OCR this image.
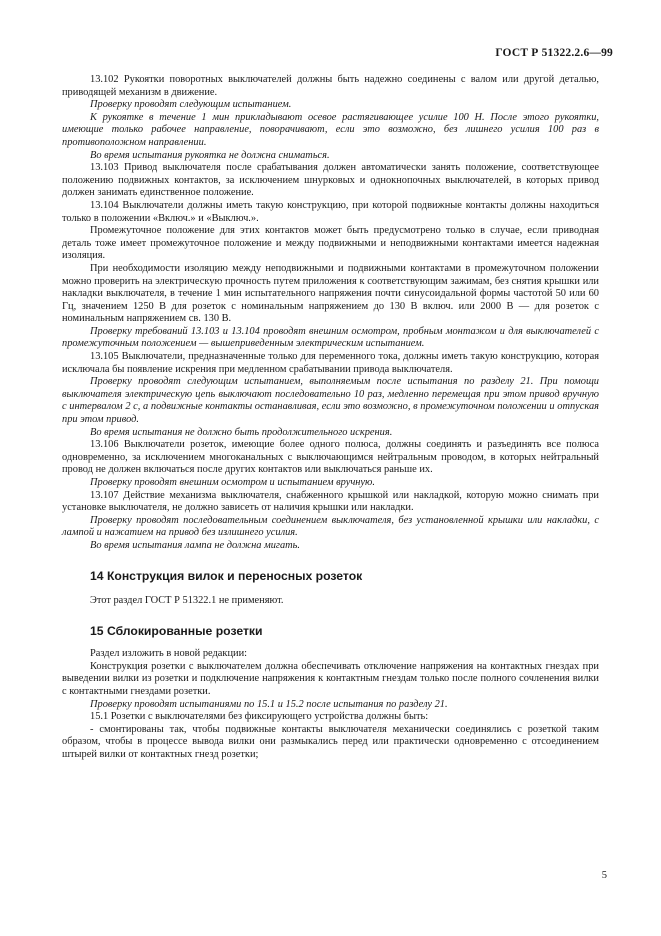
ГОСТ Р 51322.2.6—99

13.102 Рукоятки поворотных выключателей должны быть надежно соединены с валом или другой деталью, приводящей механизм в движение.

Проверку проводят следующим испытанием.

К рукоятке в течение 1 мин прикладывают осевое растягивающее усилие 100 Н. После этого рукоятки, имеющие только рабочее направление, поворачивают, если это возможно, без лишнего усилия 100 раз в противоположном направлении.

Во время испытания рукоятка не должна сниматься.

13.103 Привод выключателя после срабатывания должен автоматически занять положение, соответствующее положению подвижных контактов, за исключением шнурковых и однокнопочных выключателей, в которых привод должен занимать единственное положение.

13.104 Выключатели должны иметь такую конструкцию, при которой подвижные контакты должны находиться только в положении «Включ.» и «Выключ.».

Промежуточное положение для этих контактов может быть предусмотрено только в случае, если приводная деталь тоже имеет промежуточное положение и между подвижными и неподвижными контактами имеется надежная изоляция.

При необходимости изоляцию между неподвижными и подвижными контактами в промежуточном положении можно проверить на электрическую прочность путем приложения к соответствующим зажимам, без снятия крышки или накладки выключателя, в течение 1 мин испытательного напряжения почти синусоидальной формы частотой 50 или 60 Гц, значением 1250 В для розеток с номинальным напряжением до 130 В включ. или 2000 В — для розеток с номинальным напряжением св. 130 В.

Проверку требований 13.103 и 13.104 проводят внешним осмотром, пробным монтажом и для выключателей с промежуточным положением — вышеприведенным электрическим испытанием.

13.105 Выключатели, предназначенные только для переменного тока, должны иметь такую конструкцию, которая исключала бы появление искрения при медленном срабатывании привода выключателя.

Проверку проводят следующим испытанием, выполняемым после испытания по разделу 21. При помощи выключателя электрическую цепь выключают последовательно 10 раз, медленно перемещая при этом привод вручную с интервалом 2 с, а подвижные контакты останавливая, если это возможно, в промежуточном положении и отпуская при этом привод.

Во время испытания не должно быть продолжительного искрения.

13.106 Выключатели розеток, имеющие более одного полюса, должны соединять и разъединять все полюса одновременно, за исключением многоканальных с выключающимся нейтральным проводом, в которых нейтральный провод не должен включаться после других контактов или выключаться раньше их.

Проверку проводят внешним осмотром и испытанием вручную.

13.107 Действие механизма выключателя, снабженного крышкой или накладкой, которую можно снимать при установке выключателя, не должно зависеть от наличия крышки или накладки.

Проверку проводят последовательным соединением выключателя, без установленной крышки или накладки, с лампой и нажатием на привод без излишнего усилия.

Во время испытания лампа не должна мигать.

14 Конструкция вилок и переносных розеток

Этот раздел ГОСТ Р 51322.1 не применяют.

15 Сблокированные розетки

Раздел изложить в новой редакции:

Конструкция розетки с выключателем должна обеспечивать отключение напряжения на контактных гнездах при выведении вилки из розетки и подключение напряжения к контактным гнездам только после полного сочленения вилки с контактными гнездами розетки.

Проверку проводят испытаниями по 15.1 и 15.2 после испытания по разделу 21.

15.1 Розетки с выключателями без фиксирующего устройства должны быть:

- смонтированы так, чтобы подвижные контакты выключателя механически соединялись с розеткой таким образом, чтобы в процессе вывода вилки они размыкались перед или практически одновременно с отсоединением штырей вилки от контактных гнезд розетки;

5
